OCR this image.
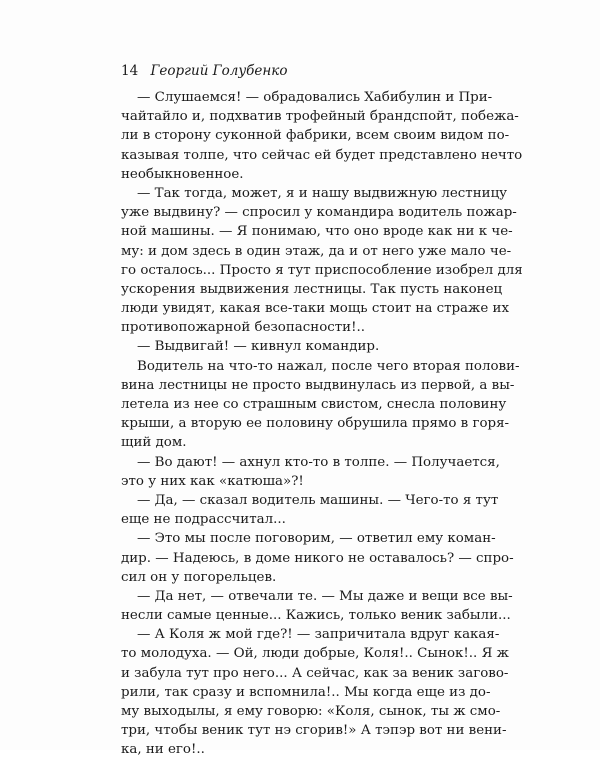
14 Георгий Голубенко
— Слушаемся! — обрадовались Хабибулин и При-
чайтайло и, подхватив трофейный брандспойт, побежа-
ли в сторону суконной фабрики, всем своим видом по-
казывая толпе, что сейчас ей будет представлено нечто
необыкновенное.
— Так тогда, может, я и нашу выдвижную лестницу
уже выдвину? — спросил у командира водитель пожар-
ной машины. — Я понимаю, что оно вроде как ни к че-
му: и дом здесь в один этаж, да и от него уже мало че-
го осталось... Просто я тут приспособление изобрел для
ускорения выдвижения лестницы. Так пусть наконец
люди увидят, какая все-таки мощь стоит на страже их
противопожарной безопасности!..
— Выдвигай! — кивнул командир.
Водитель на что-то нажал, после чего вторая полови-
вина лестницы не просто выдвинулась из первой, а вы-
летела из нее со страшным свистом, снесла половину
крыши, а вторую ее половину обрушила прямо в горя-
щий дом.
— Во дают! — ахнул кто-то в толпе. — Получается,
это у них как «катюша»?!
— Да, — сказал водитель машины. — Чего-то я тут
еще не подрассчитал...
— Это мы после поговорим, — ответил ему коман-
дир. — Надеюсь, в доме никого не оставалось? — спро-
сил он у погорельцев.
— Да нет, — отвечали те. — Мы даже и вещи все вы-
несли самые ценные... Кажись, только веник забыли...
— А Коля ж мой где?! — запричитала вдруг какая-
то молодуха. — Ой, люди добрые, Коля!.. Сынок!.. Я ж
и забула тут про него... А сейчас, как за веник загово-
рили, так сразу и вспомнила!.. Мы когда еще из до-
му выходылы, я ему говорю: «Коля, сынок, ты ж смо-
три, чтобы веник тут нэ сгорив!» А тэпэр вот ни вени-
ка, ни его!..
